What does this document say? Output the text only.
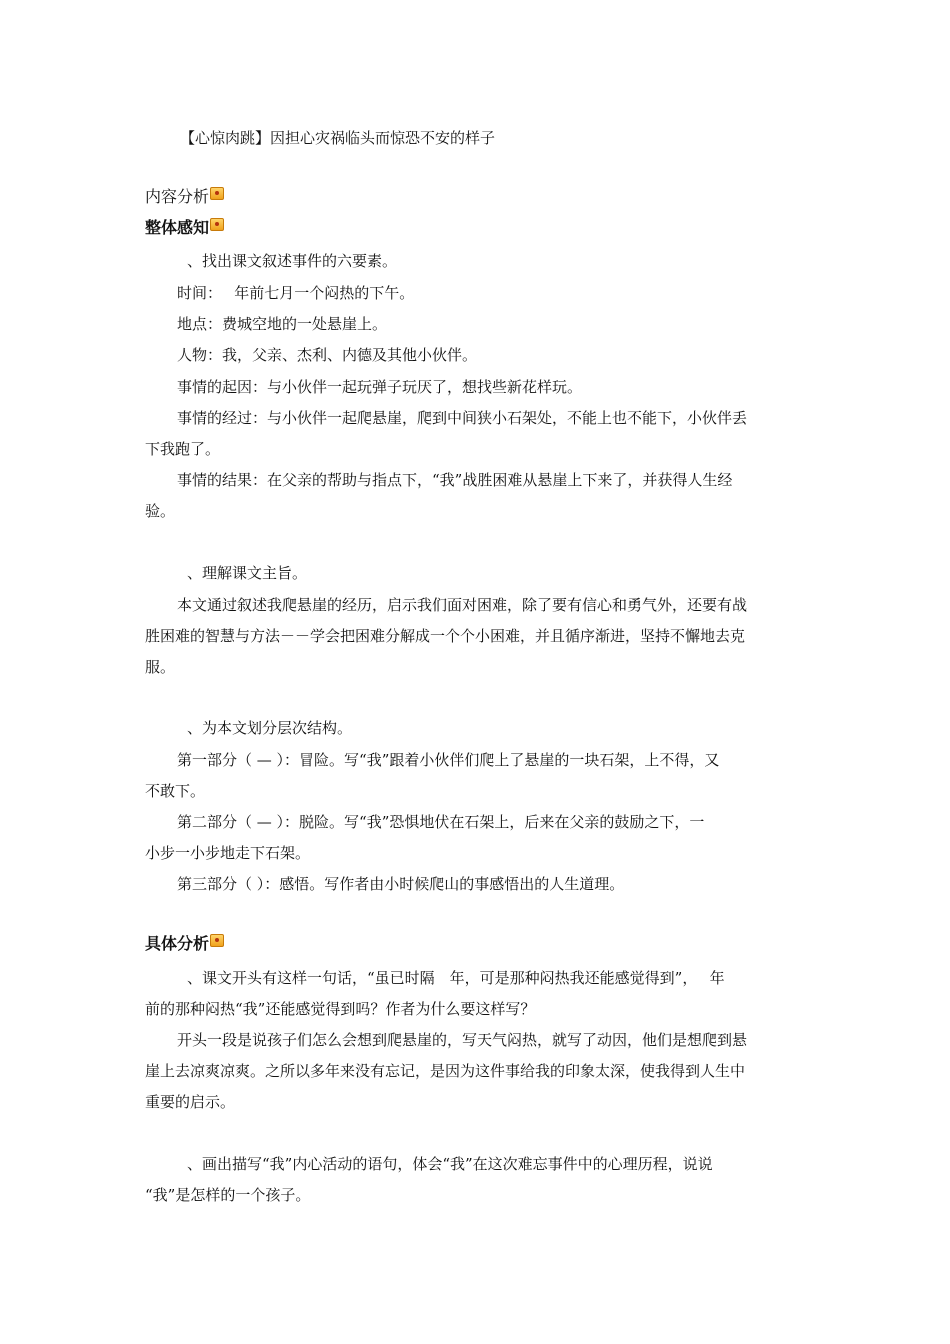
【心惊肉跳】因担心灾祸临头而惊恐不安的样子

内容分析
整体感知

、找出课文叙述事件的六要素。

时间：　 年前七月一个闷热的下午。

地点：费城空地的一处悬崖上。

人物：我，父亲、杰利、内德及其他小伙伴。

事情的起因：与小伙伴一起玩弹子玩厌了，想找些新花样玩。

事情的经过：与小伙伴一起爬悬崖，爬到中间狭小石架处，不能上也不能下，小伙伴丢

下我跑了。

事情的结果：在父亲的帮助与指点下，“我”战胜困难从悬崖上下来了，并获得人生经

验。

、理解课文主旨。

本文通过叙述我爬悬崖的经历，启示我们面对困难，除了要有信心和勇气外，还要有战

胜困难的智慧与方法－－学会把困难分解成一个个小困难，并且循序渐进，坚持不懈地去克

服。

、为本文划分层次结构。

第一部分（ — ）：冒险。写“我”跟着小伙伴们爬上了悬崖的一块石架，上不得，又

不敢下。

第二部分（ — ）：脱险。写“我”恐惧地伏在石架上，后来在父亲的鼓励之下，一

小步一小步地走下石架。

第三部分（ ）：感悟。写作者由小时候爬山的事感悟出的人生道理。

具体分析

、课文开头有这样一句话，“虽已时隔　年，可是那种闷热我还能感觉得到”，　 年

前的那种闷热“我”还能感觉得到吗？作者为什么要这样写？

开头一段是说孩子们怎么会想到爬悬崖的，写天气闷热，就写了动因，他们是想爬到悬

崖上去凉爽凉爽。之所以多年来没有忘记，是因为这件事给我的印象太深，使我得到人生中

重要的启示。

、画出描写“我”内心活动的语句，体会“我”在这次难忘事件中的心理历程，说说

“我”是怎样的一个孩子。
